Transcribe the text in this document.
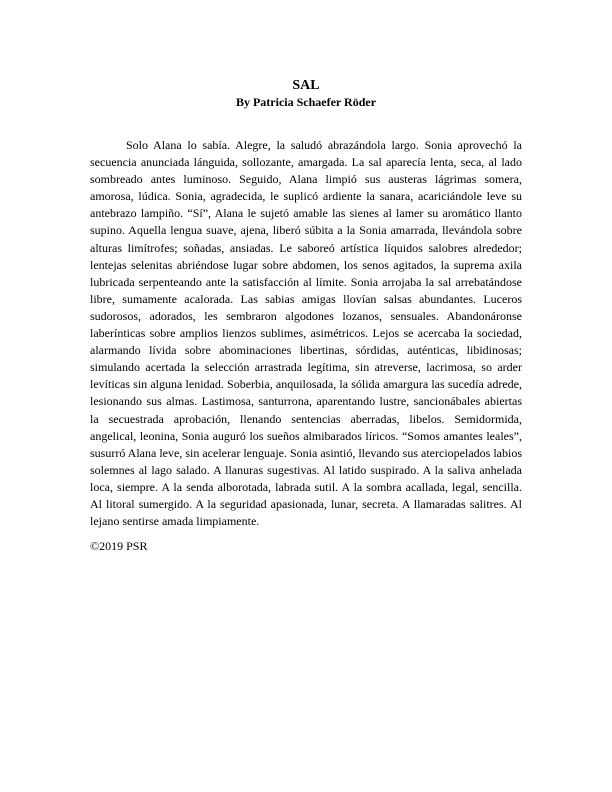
SAL
By Patricia Schaefer Röder

Solo Alana lo sabía. Alegre, la saludó abrazándola largo. Sonia aprovechó la secuencia anunciada lánguida, sollozante, amargada. La sal aparecía lenta, seca, al lado sombreado antes luminoso. Seguido, Alana limpió sus austeras lágrimas somera, amorosa, lúdica. Sonia, agradecida, le suplicó ardiente la sanara, acariciándole leve su antebrazo lampiño. “Sí”, Alana le sujetó amable las sienes al lamer su aromático llanto supino. Aquella lengua suave, ajena, liberó súbita a la Sonia amarrada, llevándola sobre alturas limítrofes; soñadas, ansiadas. Le saboreó artística líquidos salobres alrededor; lentejas selenitas abriéndose lugar sobre abdomen, los senos agitados, la suprema axila lubricada serpenteando ante la satisfacción al límite. Sonia arrojaba la sal arrebatándose libre, sumamente acalorada. Las sabias amigas llovían salsas abundantes. Luceros sudorosos, adorados, les sembraron algodones lozanos, sensuales. Abandonáronse laberínticas sobre amplios lienzos sublimes, asimétricos. Lejos se acercaba la sociedad, alarmando lívida sobre abominaciones libertinas, sórdidas, auténticas, libidinosas; simulando acertada la selección arrastrada legítima, sin atreverse, lacrimosa, so arder levíticas sin alguna lenidad. Soberbia, anquilosada, la sólida amargura las sucedía adrede, lesionando sus almas. Lastimosa, santurrona, aparentando lustre, sancionábales abiertas la secuestrada aprobación, llenando sentencias aberradas, libelos. Semidormida, angelical, leonina, Sonia auguró los sueños almibarados líricos. “Somos amantes leales”, susurró Alana leve, sin acelerar lenguaje. Sonia asintió, llevando sus aterciopelados labios solemnes al lago salado. A llanuras sugestivas. Al latido suspirado. A la saliva anhelada loca, siempre. A la senda alborotada, labrada sutil. A la sombra acallada, legal, sencilla. Al litoral sumergido. A la seguridad apasionada, lunar, secreta. A llamaradas salitres. Al lejano sentirse amada limpiamente.

©2019 PSR
